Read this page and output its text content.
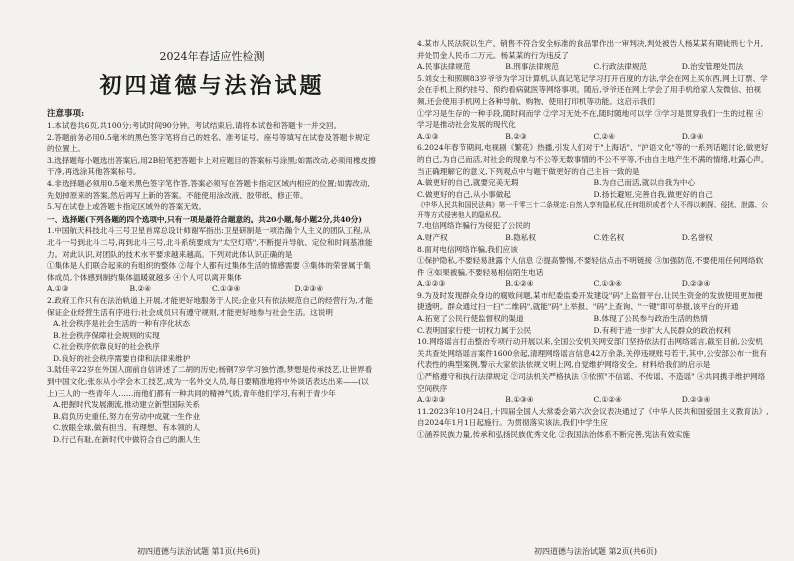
2024年春适应性检测

初四道德与法治试题

注意事项:
1.本试卷共6页,共100分;考试时间90分钟。考试结束后,请将本试卷和答题卡一并交回。
2.答题前务必用0.5毫米的黑色签字笔将自己的姓名、准考证号、座号等填写在试卷及答题卡规定的位置上。
3.选择题每小题选出答案后,用2B铅笔把答题卡上对应题目的答案标号涂黑;如需改动,必须用橡皮擦干净,再选涂其他答案标号。
4.非选择题必须用0.5毫米黑色签字笔作答,答案必须写在答题卡指定区域内相应的位置;如需改动,先划掉原来的答案,然后再写上新的答案。不能使用涂改液、胶带纸、修正带。
5.写在试卷上或答题卡指定区域外的答案无效。
一、选择题(下列各题的四个选项中,只有一项是最符合题意的。共20小题,每小题2分,共40分)

1.中国航天科技北斗三号卫星首席总设计师谢军指出:卫星研制是一项浩瀚个人主义的团队工程,从北斗一号到北斗二号,再到北斗三号,北斗系统要成为"太空灯塔",不断提升导航、定位和时间基准能力。对此认识,对团队的技术水平要求越来越高。下列对此体认识正确的是

①集体是人们联合起来的有组织的整体 ②每个人都有过集体生活的情感需要 ③集体的荣誉属于集体成员,个体感到制约集体温暖就越多 ④个人可以离开集体
A.①③	B.②④	C.①③④	D.②③④

2.政府工作只有在法治轨道上开展,才能更好地服务于人民;企业只有依法规范自己的经营行为,才能保证企业经营生活有序进行;社会成员只有遵守规则,才能更好地参与社会生活。这说明

A.社会秩序是社会生活的一种有序化状态
B.社会秩序保障社会规则的实现
C.社会秩序依靠良好的社会秩序
D.良好的社会秩序需要自律和法律来维护

3.陆佳辛22岁在外国人面前自信讲述了二胡的历史;杨钢7岁学习独竹漂,梦想是传承技艺,让世界看到中国文化;张东从小学会木工技艺,成为一名外交人员,每日要精准地将中外谈话表达出来——(以上)三人的一些青年人……而他们都有一种共同的精神气质,青年他们学习,有利于青少年

A.把握时代发展潮流,推动建立新型国际关系
B.肩负历史重任,努力在劳动中成就一生作业
C.放眼全球,做有担当、有理想、有本领的人
D.行己有耻,在新时代中做符合自己的潮人生
初四道德与法治试题 第1页(共6页)

4.某市人民法院以生产、销售不符合安全标准的食品罪作出一审判决,判处被告人杨某某有期徒刑七个月,并处罚金人民币二万元。杨某某的行为违反了

A.民事法律规范	B.刑事法律规范	C.行政法律规范	D.治安管理处罚法

5.刘女士和照顾83岁爷爷为学习计算机,认真记笔记学习打开百度的方法,学会在网上买东西,网上订票、学会在手机上预约挂号、预约看病就医等网络事项。随后,爷爷还在网上学会了用手机给家人发微信、拍视频,还会使用手机网上各种导航、购物、使用打印机等功能。这启示我们

①学习是生存的一种手段,随时间而学 ②学习无处不在,随时随地可以学 ③学习是贯穿我们一生的过程 ④学习是推动社会发展的现代化
A.①③	B.②③	C.②④	D.③④

6.2024年春节期间,电视剧《繁花》热播,引发人们对于"上海话"、"沪语文化"等的一系列话题讨论,做更好的自己,为自己而活,对社会的现象与不公等无数事情的不公不平等,不由自主地产生不满的情绪,吐露心声。当正确理解它的意义,下列观点中与题干做更好的自己主旨一致的是

A.做更好的自己,就要完美无瑕	B.为自己而活,就以自我为中心
C.做更好的自己,从小事做起	D.扬长避短,完善自我,做更好的自己
《中华人民共和国民法典》第一千零三十二条规定:自然人享有隐私权,任何组织或者个人不得以刺探、侵扰、泄露、公开等方式侵害他人的隐私权。

7.电信网络诈骗行为侵犯了公民的

A.财产权	B.隐私权	C.姓名权	D.名誉权

8.面对电信网络诈骗,我们应该

①保护隐私,不要轻易泄露个人信息 ②提高警惕,不要轻信点击不明链接 ③加强防范,不要使用任何网络软件 ④如果被骗,不要轻易相信陌生电话
A.①②③	B.①②④	C.①③④	D.②③④

9.为及时发现群众身边的腐败问题,某市纪委监委开发建设"码"上监督平台,让民生资金的发放使用更加便捷透明。群众通过扫一扫"二维码",就能"码"上举报、"码"上查询、"一键"即可举报,该平台的开通

A.拓宽了公民行使监督权的渠道	B.体现了公民参与政治生活的热情
C.表明国家行使一切权力属于公民	D.有利于进一步扩大人民群众的政治权利

10.网络谣言打击整治专项行动开展以来,全国公安机关网安部门坚持依法打击网络谣言,截至目前,公安机关共查处网络谣言案件1600余起,清理网络谣言信息42万余条,关停违规账号若干,其中,公安部公布一批有代表性的典型案例,警示大家依法依规文明上网,自觉维护网络安全。材料给我们的启示是

①严格遵守和执行法律规定 ②司法机关严格执法 ③依照"不信谣、不传谣、不造谣" ④共同携手维护网络空间秩序
A.①②③	B.①③④	C.①②④	D.②③④

11.2023年10月24日,十四届全国人大常委会第六次会议表决通过了《中华人民共和国爱国主义教育法》,自2024年1月1日起施行。为贯彻落实该法,我们中学生应

①涵养民族力量,传承和弘扬民族优秀文化 ②我国法治体系不断完善,宪法有效实施
初四道德与法治试题 第2页(共6页)
